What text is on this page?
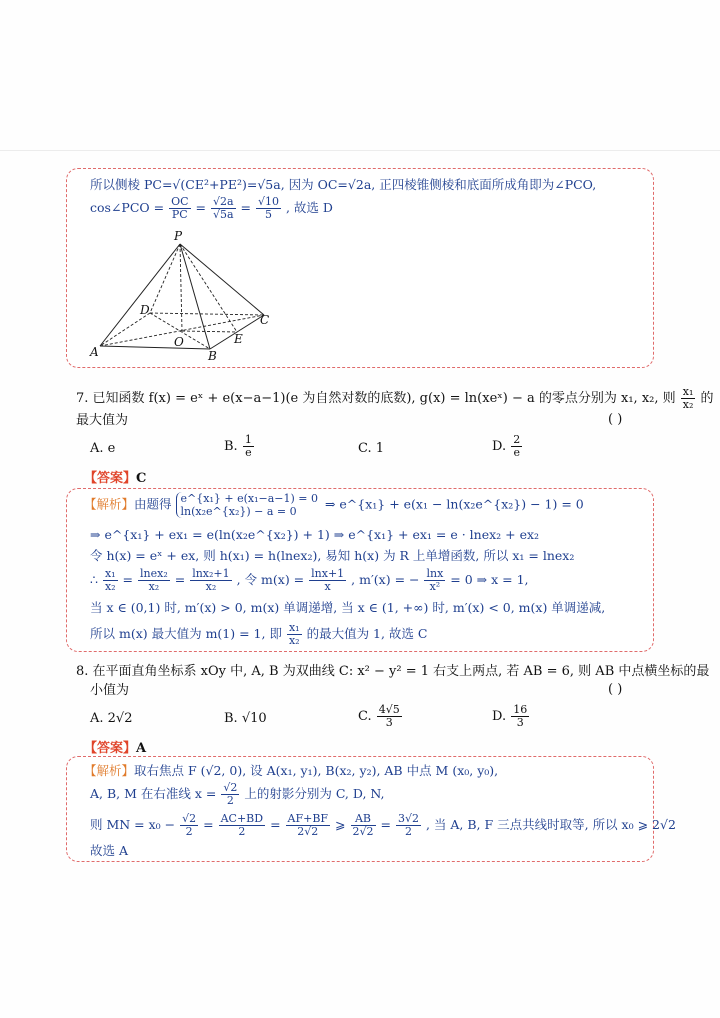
所以侧棱 PC=√(CE²+PE²)=√5a, 因为 OC=√2a, 正四棱锥侧棱和底面所成角即为∠PCO,
cos∠PCO = $\frac{OC}{PC} = \frac{√2a}{√5a} = \frac{√10}{5}$ , 故选 D
P
D
C
A
O
B
E
7. 已知函数 f(x) = eˣ + e(x−a−1)(e 为自然对数的底数), g(x) = ln(xeˣ) − a 的零点分别为 x₁, x₂, 则 $\frac{\text{x₁}}{\text{x₂}}$ 的
最大值为	( )
A. e	B. $\frac{1}{e}$	C. 1	D. $\frac{2}{e}$
【答案】C
【解析】由题得 e^{x₁} + e(x₁−a−1) = 0
ln(x₂e^{x₂}) − a = 0	⇒ e^{x₁} + e(x₁ − ln(x₂e^{x₂}) − 1) = 0
⇒ e^{x₁} + ex₁ = e(ln(x₂e^{x₂}) + 1) ⇒ e^{x₁} + ex₁ = e · lnex₂ + ex₂
令 h(x) = eˣ + ex, 则 h(x₁) = h(lnex₂), 易知 h(x) 为 R 上单增函数, 所以 x₁ = lnex₂
∴ $\frac{\text{x₁}}{\text{x₂}} = \frac{\text{lnex₂}}{\text{x₂}} = \frac{\text{lnx₂+1}}{\text{x₂}}$ , 令 $m(x) = \frac{\ln x+1}{x}$ , m′(x) = − $\frac{\ln x}{\text{x²}} = 0$ ⇒ x = 1,
当 x ∈ (0,1) 时, m′(x) > 0, m(x) 单调递增, 当 x ∈ (1, +∞) 时, m′(x) < 0, m(x) 单调递减,
所以 m(x) 最大值为 m(1) = 1, 即 $\frac{\text{x₁}}{\text{x₂}}$ 的最大值为 1, 故选 C
8. 在平面直角坐标系 xOy 中, A, B 为双曲线 C: x² − y² = 1 右支上两点, 若 AB = 6, 则 AB 中点横坐标的最
小值为	( )
A. 2√2	B. √10	C. $\frac{4√5}{3}$	D. $\frac{16}{3}$
【答案】A
【解析】取右焦点 F (√2, 0), 设 A(x₁, y₁), B(x₂, y₂), AB 中点 M (x₀, y₀),
A, B, M 在右准线 $x = \frac{√2}{2}$ 上的射影分别为 C, D, N,
则 MN = $x_0 - \frac{√2}{2} = \frac{AC+BD}{2} = \frac{AF+BF}{2√2}$ ⩾ $\frac{AB}{2√2} = \frac{3√2}{2}$ , 当 A, B, F 三点共线时取等, 所以 x₀ ⩾ 2√2
故选 A
